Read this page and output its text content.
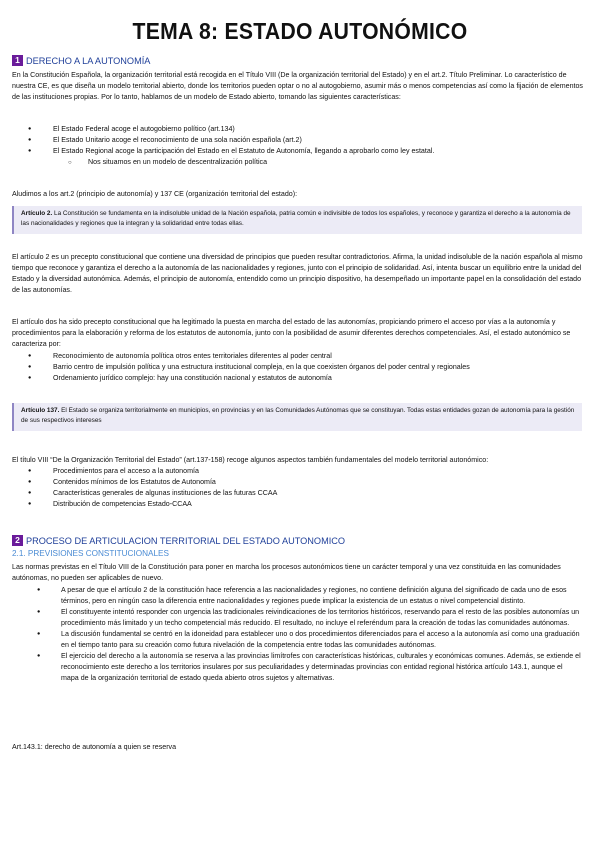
TEMA 8: ESTADO AUTONÓMICO
1 DERECHO A LA AUTONOMÍA

En la Constitución Española, la organización territorial está recogida en el Título VIII (De la organización territorial del Estado) y en el art.2. Título Preliminar. Lo característico de nuestra CE, es que diseña un modelo territorial abierto, donde los territorios pueden optar o no al autogobierno, asumir más o menos competencias así como la fijación de elementos de las instituciones propias. Por lo tanto, hablamos de un modelo de Estado abierto, tomando las siguientes características:

● El Estado Federal acoge el autogobierno político (art.134)
● El Estado Unitario acoge el reconocimiento de una sola nación española (art.2)
● El Estado Regional acoge la participación del Estado en el Estatuto de Autonomía, llegando a aprobarlo como ley estatal.
○ Nos situamos en un modelo de descentralización política

Aludimos a los art.2 (principio de autonomía) y 137 CE (organización territorial del estado):

Artículo 2. La Constitución se fundamenta en la indisoluble unidad de la Nación española, patria común e indivisible de todos los españoles, y reconoce y garantiza el derecho a la autonomía de las nacionalidades y regiones que la integran y la solidaridad entre todas ellas.

El artículo 2 es un precepto constitucional que contiene una diversidad de principios que pueden resultar contradictorios. Afirma, la unidad indisoluble de la nación española al mismo tiempo que reconoce y garantiza el derecho a la autonomía de las nacionalidades y regiones, junto con el principio de solidaridad. Así, intenta buscar un equilibrio entre la unidad del Estado y la diversidad autonómica. Además, el principio de autonomía, entendido como un principio dispositivo, ha desempeñado un importante papel en la consolidación del estado de las autonomías.

El artículo dos ha sido precepto constitucional que ha legitimado la puesta en marcha del estado de las autonomías, propiciando primero el acceso por vías a la autonomía y procedimientos para la elaboración y reforma de los estatutos de autonomía, junto con la posibilidad de asumir diferentes derechos competenciales. Así, el estado autonómico se caracteriza por:

● Reconocimiento de autonomía política otros entes territoriales diferentes al poder central
● Barrio centro de impulsión política y una estructura institucional compleja, en la que coexisten órganos del poder central y regionales
● Ordenamiento jurídico complejo: hay una constitución nacional y estatutos de autonomía
Artículo 137. El Estado se organiza territorialmente en municipios, en provincias y en las Comunidades Autónomas que se constituyan. Todas estas entidades gozan de autonomía para la gestión de sus respectivos intereses

El título VIII “De la Organización Territorial del Estado” (art.137-158) recoge algunos aspectos también fundamentales del modelo territorial autonómico:

● Procedimientos para el acceso a la autonomía
● Contenidos mínimos de los Estatutos de Autonomía
● Características generales de algunas instituciones de las futuras CCAA
● Distribución de competencias Estado-CCAA
2 PROCESO DE ARTICULACION TERRITORIAL DEL ESTADO AUTONOMICO
2.1. PREVISIONES CONSTITUCIONALES

Las normas previstas en el Título VIII de la Constitución para poner en marcha los procesos autonómicos tiene un carácter temporal y una vez constituida en las comunidades autónomas, no pueden ser aplicables de nuevo.

● A pesar de que el artículo 2 de la constitución hace referencia a las nacionalidades y regiones, no contiene definición alguna del significado de cada uno de esos términos, pero en ningún caso la diferencia entre nacionalidades y regiones puede implicar la existencia de un estatus o nivel competencial distinto.
● El constituyente intentó responder con urgencia las tradicionales reivindicaciones de los territorios históricos, reservando para el resto de las posibles autonomías un procedimiento más limitado y un techo competencial más reducido. El resultado, no incluye el referéndum para la creación de todas las comunidades autónomas.
● La discusión fundamental se centró en la idoneidad para establecer uno o dos procedimientos diferenciados para el acceso a la autonomía así como una graduación en el tiempo tanto para su creación como futura nivelación de la competencia entre todas las comunidades autónomas.
● El ejercicio del derecho a la autonomía se reserva a las provincias limítrofes con características históricas, culturales y económicas comunes. Además, se extiende el reconocimiento este derecho a los territorios insulares por sus peculiaridades y determinadas provincias con entidad regional histórica artículo 143.1, aunque el mapa de la organización territorial de estado queda abierto otros sujetos y alternativas.

Art.143.1: derecho de autonomía a quien se reserva
